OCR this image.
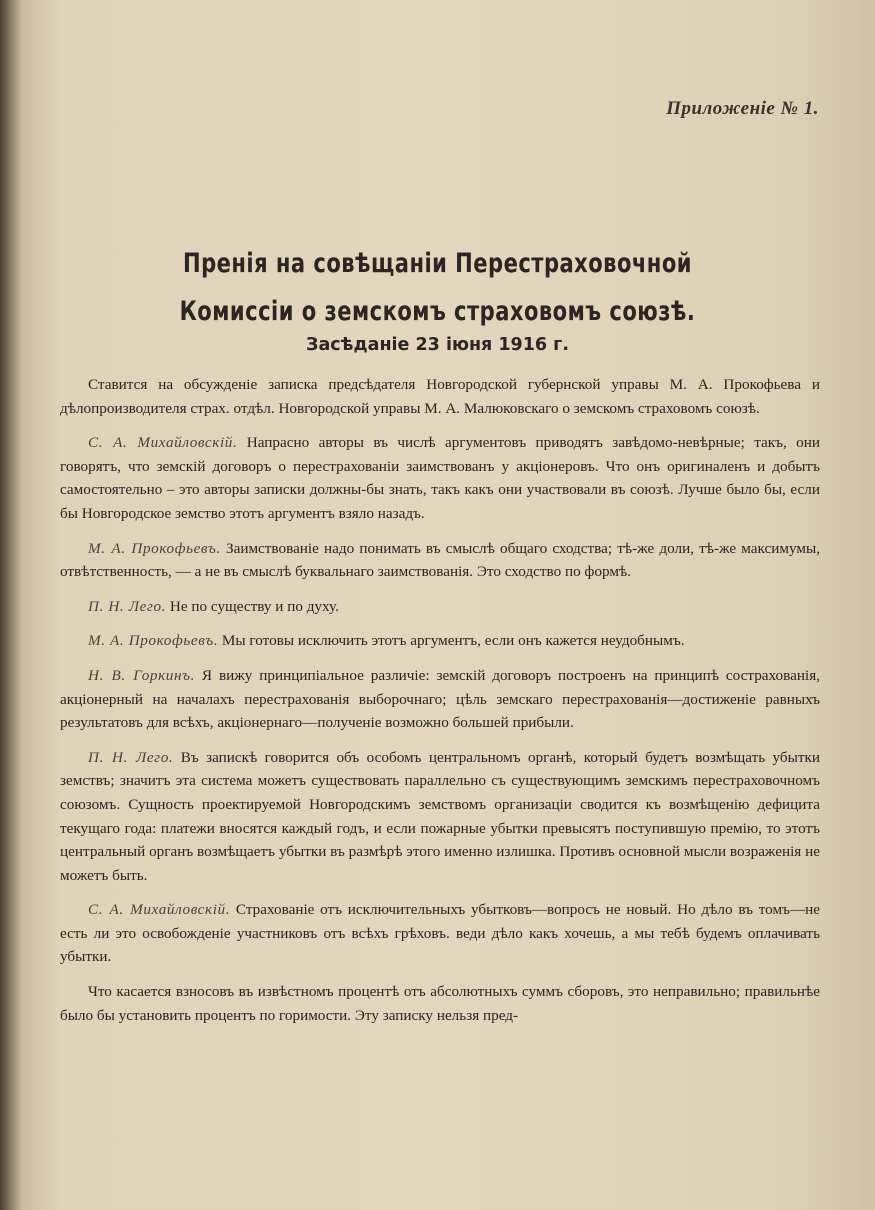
Приложеніе № 1.
Пренія на совѣщаніи Перестраховочной Комиссіи о земскомъ страховомъ союзѣ.
Засѣданіе 23 іюня 1916 г.

Ставится на обсужденіе записка предсѣдателя Новгородской губернской управы М. А. Прокофьева и дѣлопроизводителя страх. отдѣл. Новгородской управы М. А. Малюковскаго о земскомъ страховомъ союзѣ.

С. А. Михайловскій. Напрасно авторы въ числѣ аргументовъ приводятъ завѣдомо-невѣрные; такъ, они говорятъ, что земскій договоръ о перестрахованіи заимствованъ у акціонеровъ. Что онъ оригиналенъ и добытъ самостоятельно – это авторы записки должны-бы знать, такъ какъ они участвовали въ союзѣ. Лучше было бы, если бы Новгородское земство этотъ аргументъ взяло назадъ.

М. А. Прокофьевъ. Заимствованіе надо понимать въ смыслѣ общаго сходства; тѣ-же доли, тѣ-же максимумы, отвѣтственность, — а не въ смыслѣ буквальнаго заимствованія. Это сходство по формѣ.

П. Н. Лего. Не по существу и по духу.

М. А. Прокофьевъ. Мы готовы исключить этотъ аргументъ, если онъ кажется неудобнымъ.

Н. В. Горкинъ. Я вижу принципіальное различіе: земскій договоръ построенъ на принципѣ сострахованія, акціонерный на началахъ перестрахованія выборочнаго; цѣль земскаго перестрахованія—достиженіе равныхъ результатовъ для всѣхъ, акціонернаго—полученіе возможно большей прибыли.

П. Н. Лего. Въ запискѣ говорится объ особомъ центральномъ органѣ, который будетъ возмѣщать убытки земствъ; значитъ эта система можетъ существовать параллельно съ существующимъ земскимъ перестраховочномъ союзомъ. Сущность проектируемой Новгородскимъ земствомъ организаціи сводится къ возмѣщенію дефицита текущаго года: платежи вносятся каждый годъ, и если пожарные убытки превысятъ поступившую премію, то этотъ центральный органъ возмѣщаетъ убытки въ размѣрѣ этого именно излишка. Противъ основной мысли возраженія не можетъ быть.

С. А. Михайловскій. Страхованіе отъ исключительныхъ убытковъ—вопросъ не новый. Но дѣло въ томъ—не есть ли это освобожденіе участниковъ отъ всѣхъ грѣховъ. веди дѣло какъ хочешь, а мы тебѣ будемъ оплачивать убытки.

Что касается взносовъ въ извѣстномъ процентѣ отъ абсолютныхъ суммъ сборовъ, это неправильно; правильнѣе было бы установить процентъ по горимости. Эту записку нельзя пред-
